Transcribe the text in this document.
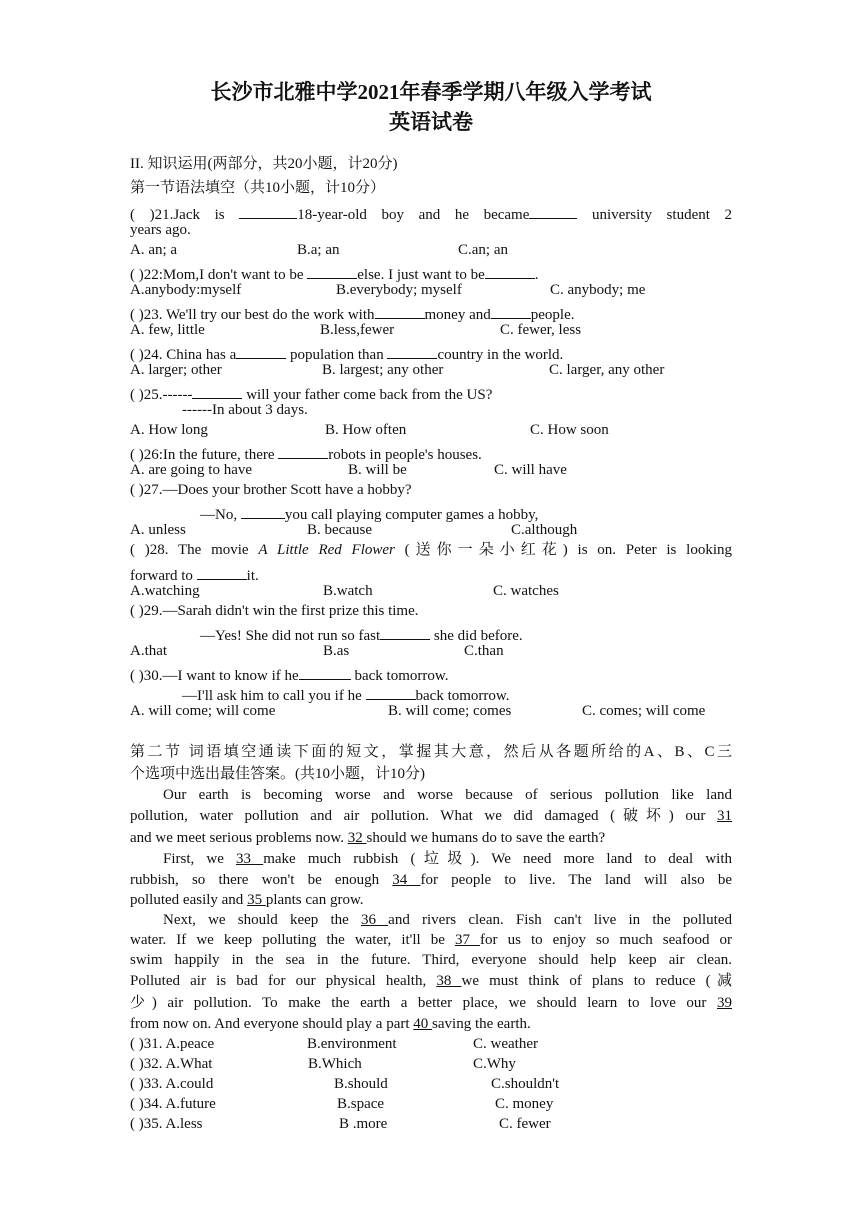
长沙市北雅中学2021年春季学期八年级入学考试
英语试卷
II. 知识运用(两部分，共20小题，计20分)
第一节语法填空（共10小题，计10分）
( )21.Jack is	18-year-old boy and he became	university student 2
years ago.
A. an; a	B.a; an	C.an; an
( )22:Mom,I don't want to be	else. I just want to be	.
A.anybody:myself	B.everybody; myself	C. anybody; me
( )23. We'll try our best do the work with	money and	people.
A. few, little	B.less,fewer	C. fewer, less
( )24. China has a	population than	country in the world.
A. larger; other	B. largest; any other	C. larger, any other
( )25.------	will your father come back from the US?
------In about 3 days.
A. How long	B. How often	C. How soon
( )26:In the future, there	robots in people's houses.
A. are going to have	B. will be	C. will have
( )27.—Does your brother Scott have a hobby?
—No,	you call playing computer games a hobby,
A. unless	B. because	C.although
( )28. The movie A Little Red Flower (送你一朵小红花) is on. Peter is looking
forward to	it.
A.watching	B.watch	C. watches
( )29.—Sarah didn't win the first prize this time.
—Yes! She did not run so fast	she did before.
A.that	B.as	C.than
( )30.—I want to know if he	back tomorrow.
—I'll ask him to call you if he	back tomorrow.
A. will come; will come	B. will come; comes	C. comes; will come
第二节 词语填空通读下面的短文，掌握其大意，然后从各题所给的A、B、C三
个选项中选出最佳答案。(共10小题，计10分)
Our earth is becoming worse and worse because of serious pollution like land
pollution, water pollution and air pollution. What we did damaged (破坏) our 31
and we meet serious problems now. 32 should we humans do to save the earth?
First, we 33 make much rubbish (垃圾). We need more land to deal with
rubbish, so there won't be enough 34 for people to live. The land will also be
polluted easily and 35 plants can grow.
Next, we should keep the 36 and rivers clean. Fish can't live in the polluted
water. If we keep polluting the water, it'll be 37 for us to enjoy so much seafood or
swim happily in the sea in the future. Third, everyone should help keep air clean.
Polluted air is bad for our physical health, 38 we must think of plans to reduce (减
少) air pollution. To make the earth a better place, we should learn to love our 39
from now on. And everyone should play a part 40 saving the earth.
( )31. A.peace	B.environment	C. weather
( )32. A.What	B.Which	C.Why
( )33. A.could	B.should	C.shouldn't
( )34. A.future	B.space	C. money
( )35. A.less	B .more	C. fewer
